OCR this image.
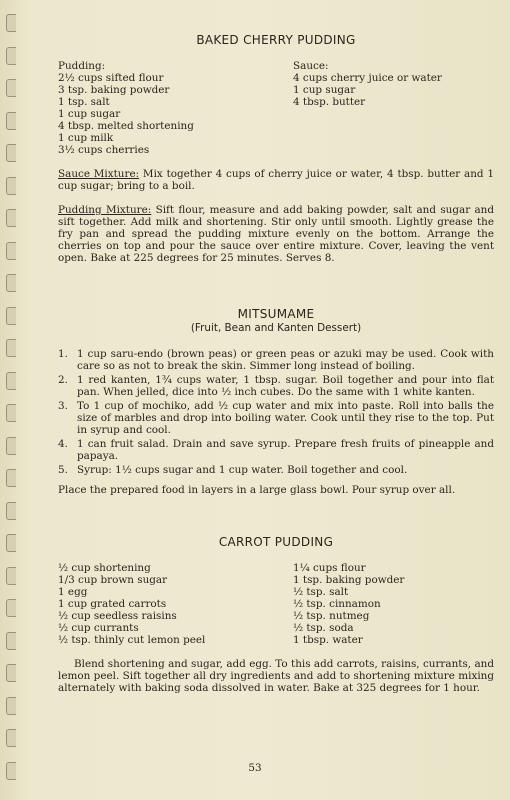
BAKED CHERRY PUDDING
Pudding:
2½ cups sifted flour
3 tsp. baking powder
1 tsp. salt
1 cup sugar
4 tbsp. melted shortening
1 cup milk
3½ cups cherries
Sauce:
4 cups cherry juice or water
1 cup sugar
4 tbsp. butter

Sauce Mixture: Mix together 4 cups of cherry juice or water, 4 tbsp. butter and 1 cup sugar; bring to a boil.

Pudding Mixture: Sift flour, measure and add baking powder, salt and sugar and sift together. Add milk and shortening. Stir only until smooth. Lightly grease the fry pan and spread the pudding mixture evenly on the bottom. Arrange the cherries on top and pour the sauce over entire mixture. Cover, leaving the vent open. Bake at 225 degrees for 25 minutes. Serves 8.

MITSUMAME
(Fruit, Bean and Kanten Dessert)
1. 1 cup saru-endo (brown peas) or green peas or azuki may be used. Cook with care so as not to break the skin. Simmer long instead of boiling.
2. 1 red kanten, 1¾ cups water, 1 tbsp. sugar. Boil together and pour into flat pan. When jelled, dice into ½ inch cubes. Do the same with 1 white kanten.
3. To 1 cup of mochiko, add ½ cup water and mix into paste. Roll into balls the size of marbles and drop into boiling water. Cook until they rise to the top. Put in syrup and cool.
4. 1 can fruit salad. Drain and save syrup. Prepare fresh fruits of pineapple and papaya.
5. Syrup: 1½ cups sugar and 1 cup water. Boil together and cool.

Place the prepared food in layers in a large glass bowl. Pour syrup over all.

CARROT PUDDING
½ cup shortening
1/3 cup brown sugar
1 egg
1 cup grated carrots
½ cup seedless raisins
½ cup currants
½ tsp. thinly cut lemon peel
1¼ cups flour
1 tsp. baking powder
½ tsp. salt
½ tsp. cinnamon
½ tsp. nutmeg
½ tsp. soda
1 tbsp. water

Blend shortening and sugar, add egg. To this add carrots, raisins, currants, and lemon peel. Sift together all dry ingredients and add to shortening mixture mixing alternately with baking soda dissolved in water. Bake at 325 degrees for 1 hour.

53
